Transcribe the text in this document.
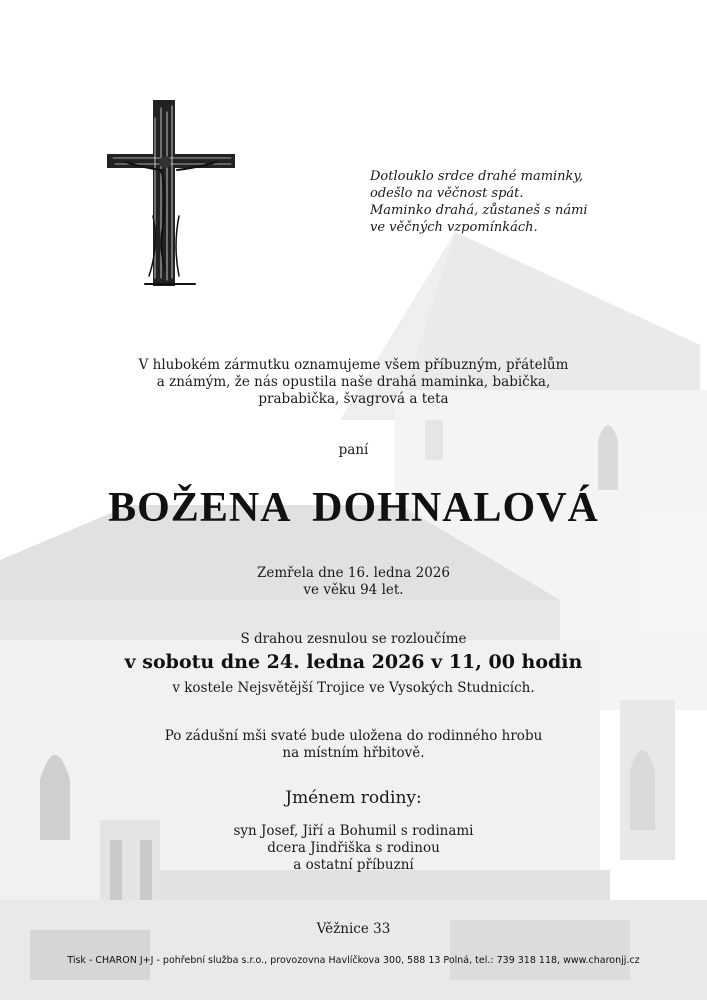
Dotlouklo srdce drahé maminky,
odešlo na věčnost spát.
Maminko drahá, zůstaneš s námi
ve věčných vzpomínkách.
V hlubokém zármutku oznamujeme všem příbuzným, přátelům
a známým, že nás opustila naše drahá maminka, babička,
prababička, švagrová a teta
paní
BOŽENA  DOHNALOVÁ
Zemřela dne 16. ledna 2026
ve věku 94 let.
S drahou zesnulou se rozloučíme
v sobotu dne 24. ledna 2026 v 11, 00 hodin
v kostele Nejsvětější Trojice ve Vysokých Studnicích.
Po zádušní mši svaté bude uložena do rodinného hrobu
na místním hřbitově.
Jménem rodiny:
syn Josef, Jiří a Bohumil s rodinami
dcera Jindřiška s rodinou
a ostatní příbuzní
Věžnice 33
Tisk - CHARON J+J - pohřební služba s.r.o., provozovna Havlíčkova 300, 588 13 Polná, tel.: 739 318 118, www.charonjj.cz
